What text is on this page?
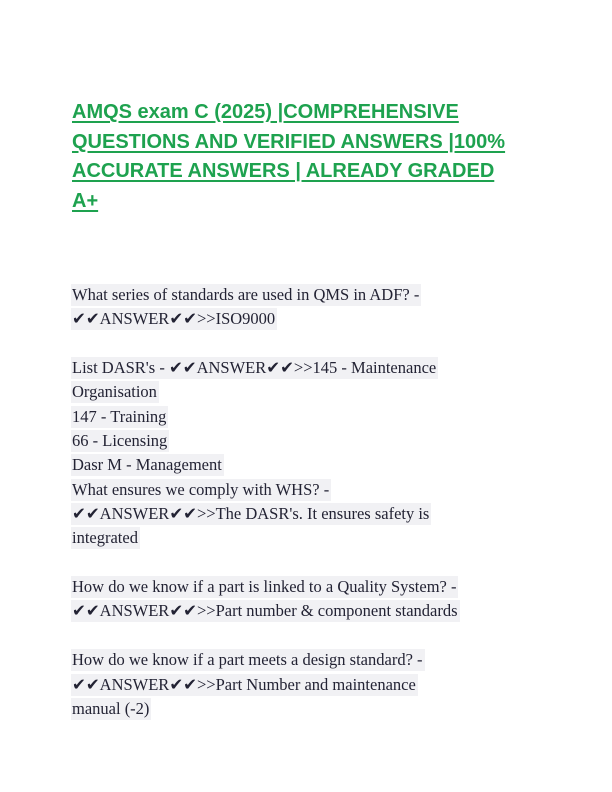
AMQS exam C (2025) |COMPREHENSIVE
QUESTIONS AND VERIFIED ANSWERS |100%
ACCURATE ANSWERS | ALREADY GRADED
A+
What series of standards are used in QMS in ADF? -
✔✔ANSWER✔✔>>ISO9000
List DASR's - ✔✔ANSWER✔✔>>145 - Maintenance
Organisation
147 - Training
66 - Licensing
Dasr M - Management
What ensures we comply with WHS? -
✔✔ANSWER✔✔>>The DASR's. It ensures safety is
integrated
How do we know if a part is linked to a Quality System? -
✔✔ANSWER✔✔>>Part number & component standards
How do we know if a part meets a design standard? -
✔✔ANSWER✔✔>>Part Number and maintenance
manual (-2)
